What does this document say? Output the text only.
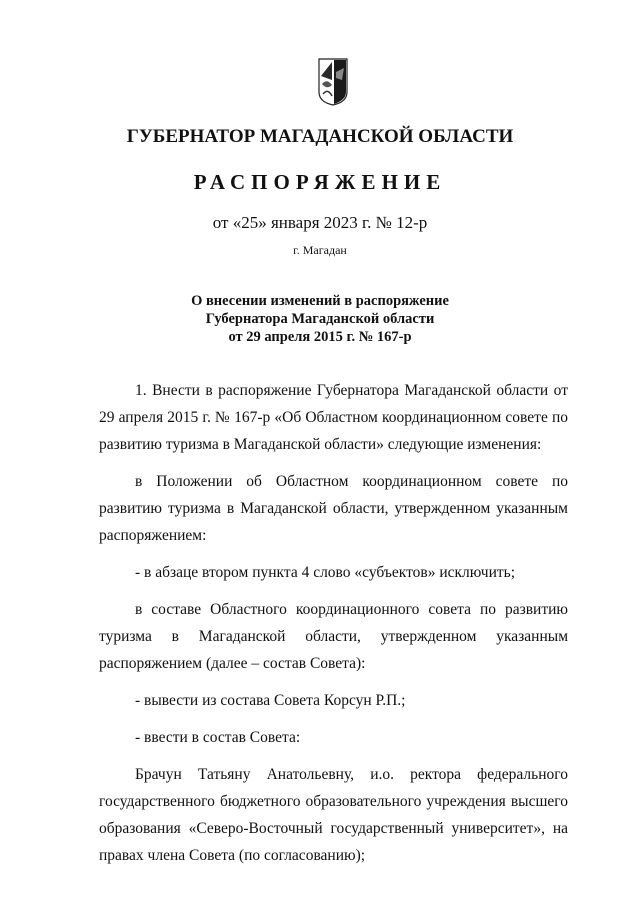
ГУБЕРНАТОР МАГАДАНСКОЙ ОБЛАСТИ
РАСПОРЯЖЕНИЕ
от «25» января 2023 г. № 12-р
г. Магадан
О внесении изменений в распоряжение
Губернатора Магаданской области
от 29 апреля 2015 г. № 167-р

1. Внести в распоряжение Губернатора Магаданской области от 29 апреля 2015 г. № 167-р «Об Областном координационном совете по развитию туризма в Магаданской области» следующие изменения:

в Положении об Областном координационном совете по развитию туризма в Магаданской области, утвержденном указанным распоряжением:

- в абзаце втором пункта 4 слово «субъектов» исключить;

в составе Областного координационного совета по развитию туризма в Магаданской области, утвержденном указанным распоряжением (далее – состав Совета):

- вывести из состава Совета Корсун Р.П.;

- ввести в состав Совета:

Брачун Татьяну Анатольевну, и.о. ректора федерального государственного бюджетного образовательного учреждения высшего образования «Северо-Восточный государственный университет», на правах члена Совета (по согласованию);
